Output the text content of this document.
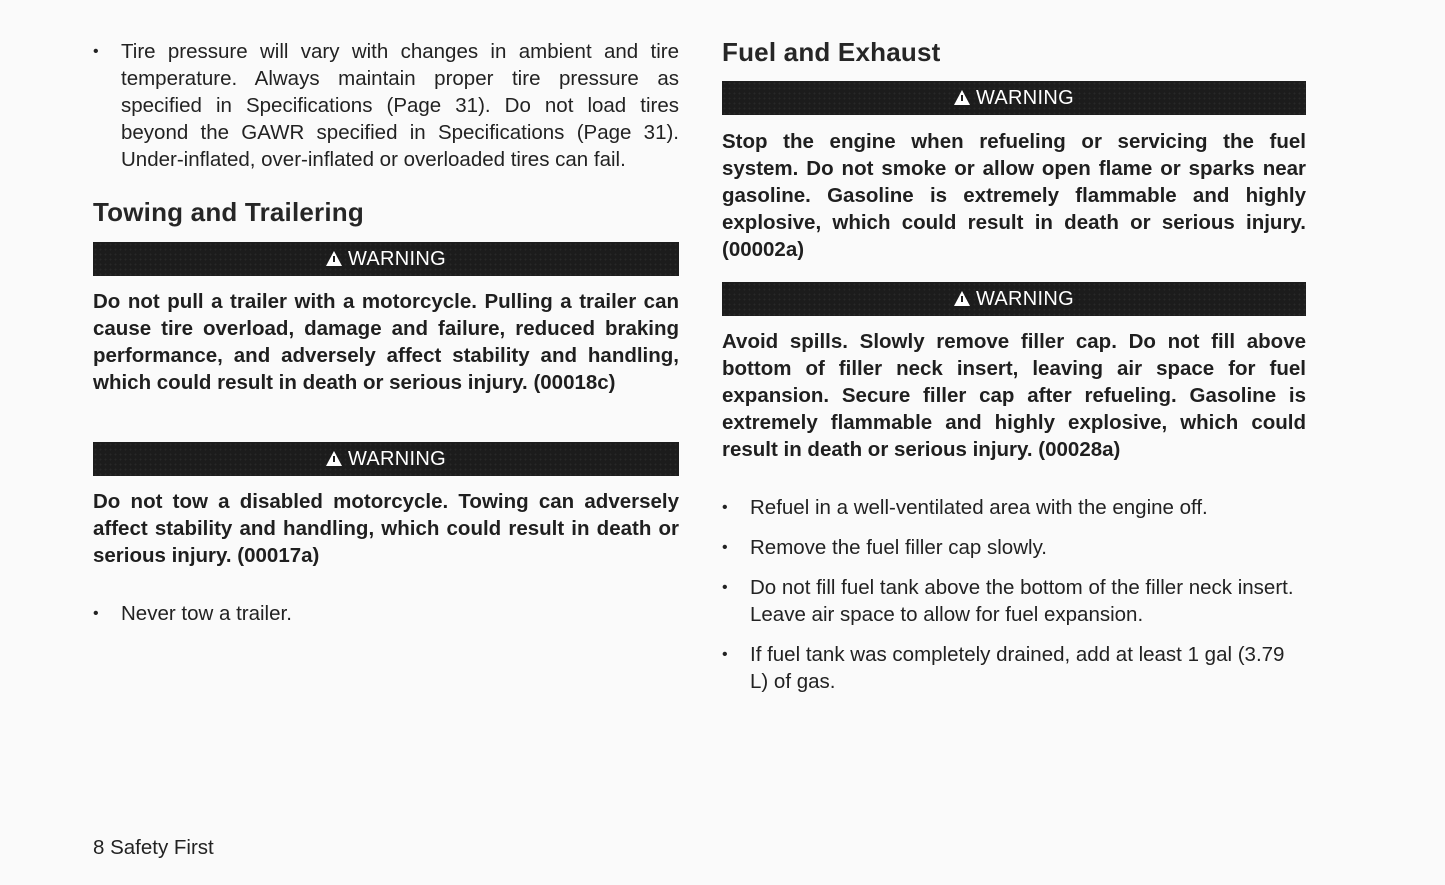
• Tire pressure will vary with changes in ambient and tire temperature. Always maintain proper tire pressure as specified in Specifications (Page 31). Do not load tires beyond the GAWR specified in Specifications (Page 31). Under-inflated, over-inflated or overloaded tires can fail.
Towing and Trailering
WARNING

Do not pull a trailer with a motorcycle. Pulling a trailer can cause tire overload, damage and failure, reduced braking performance, and adversely affect stability and handling, which could result in death or serious injury. (00018c)

WARNING

Do not tow a disabled motorcycle. Towing can adversely affect stability and handling, which could result in death or serious injury. (00017a)

• Never tow a trailer.
Fuel and Exhaust
WARNING

Stop the engine when refueling or servicing the fuel system. Do not smoke or allow open flame or sparks near gasoline. Gasoline is extremely flammable and highly explosive, which could result in death or serious injury. (00002a)

WARNING

Avoid spills. Slowly remove filler cap. Do not fill above bottom of filler neck insert, leaving air space for fuel expansion. Secure filler cap after refueling. Gasoline is extremely flammable and highly explosive, which could result in death or serious injury. (00028a)

• Refuel in a well-ventilated area with the engine off.
• Remove the fuel filler cap slowly.
• Do not fill fuel tank above the bottom of the filler neck insert. Leave air space to allow for fuel expansion.
• If fuel tank was completely drained, add at least 1 gal (3.79 L) of gas.
8 Safety First
